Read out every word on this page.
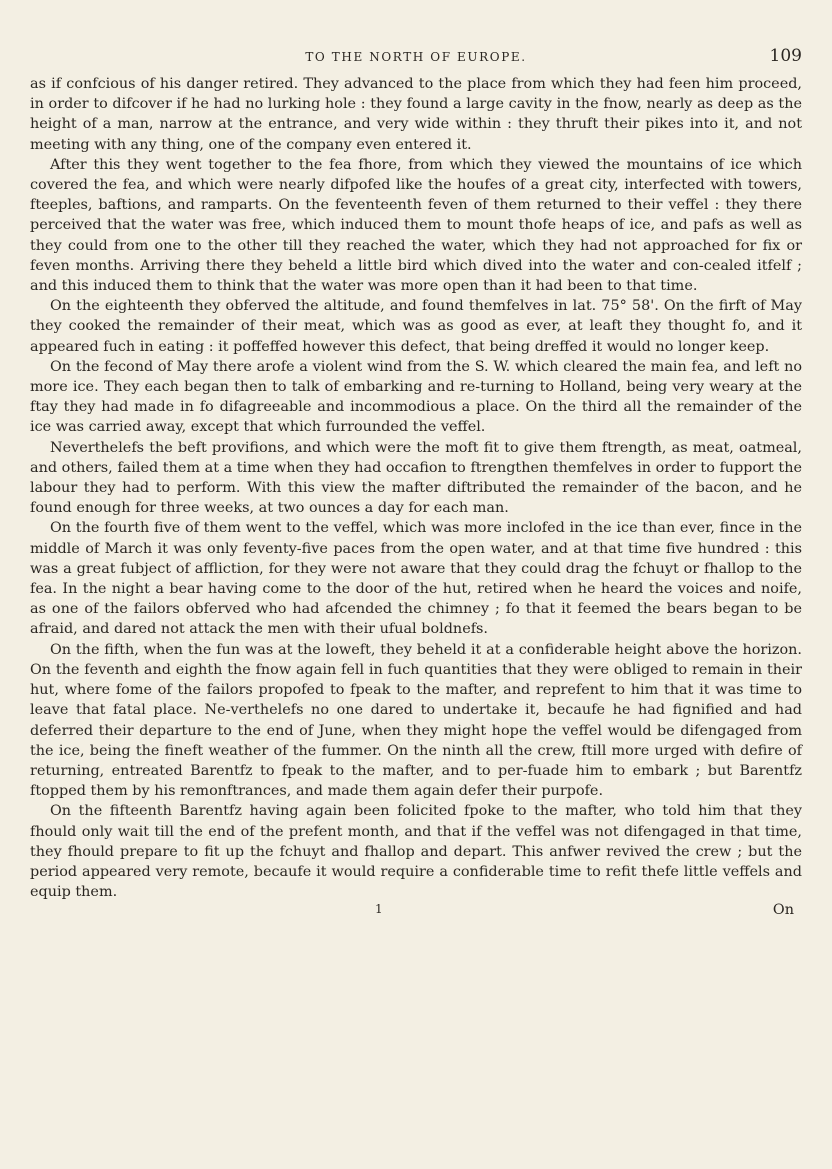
TO THE NORTH OF EUROPE.	109

as if confcious of his danger retired. They advanced to the place from which they had feen him proceed, in order to difcover if he had no lurking hole : they found a large cavity in the fnow, nearly as deep as the height of a man, narrow at the entrance, and very wide within : they thruft their pikes into it, and not meeting with any thing, one of the company even entered it.

After this they went together to the fea fhore, from which they viewed the mountains of ice which covered the fea, and which were nearly difpofed like the houfes of a great city, interfected with towers, fteeples, baftions, and ramparts. On the feventeenth feven of them returned to their veffel : they there perceived that the water was free, which induced them to mount thofe heaps of ice, and pafs as well as they could from one to the other till they reached the water, which they had not approached for fix or feven months. Arriving there they beheld a little bird which dived into the water and con-cealed itfelf ; and this induced them to think that the water was more open than it had been to that time.

On the eighteenth they obferved the altitude, and found themfelves in lat. 75° 58'. On the firft of May they cooked the remainder of their meat, which was as good as ever, at leaft they thought fo, and it appeared fuch in eating : it poffeffed however this defect, that being dreffed it would no longer keep.

On the fecond of May there arofe a violent wind from the S. W. which cleared the main fea, and left no more ice. They each began then to talk of embarking and re-turning to Holland, being very weary at the ftay they had made in fo difagreeable and incommodious a place. On the third all the remainder of the ice was carried away, except that which furrounded the veffel.

Neverthelefs the beft provifions, and which were the moft fit to give them ftrength, as meat, oatmeal, and others, failed them at a time when they had occafion to ftrengthen themfelves in order to fupport the labour they had to perform. With this view the mafter diftributed the remainder of the bacon, and he found enough for three weeks, at two ounces a day for each man.

On the fourth five of them went to the veffel, which was more inclofed in the ice than ever, fince in the middle of March it was only feventy-five paces from the open water, and at that time five hundred : this was a great fubject of affliction, for they were not aware that they could drag the fchuyt or fhallop to the fea. In the night a bear having come to the door of the hut, retired when he heard the voices and noife, as one of the failors obferved who had afcended the chimney ; fo that it feemed the bears began to be afraid, and dared not attack the men with their ufual boldnefs.

On the fifth, when the fun was at the loweft, they beheld it at a confiderable height above the horizon. On the feventh and eighth the fnow again fell in fuch quantities that they were obliged to remain in their hut, where fome of the failors propofed to fpeak to the mafter, and reprefent to him that it was time to leave that fatal place. Ne-verthelefs no one dared to undertake it, becaufe he had fignified and had deferred their departure to the end of June, when they might hope the veffel would be difengaged from the ice, being the fineft weather of the fummer. On the ninth all the crew, ftill more urged with defire of returning, entreated Barentfz to fpeak to the mafter, and to per-fuade him to embark ; but Barentfz ftopped them by his remonftrances, and made them again defer their purpofe.

On the fifteenth Barentfz having again been folicited fpoke to the mafter, who told him that they fhould only wait till the end of the prefent month, and that if the veffel was not difengaged in that time, they fhould prepare to fit up the fchuyt and fhallop and depart. This anfwer revived the crew ; but the period appeared very remote, becaufe it would require a confiderable time to refit thefe little veffels and equip them.

1	On
